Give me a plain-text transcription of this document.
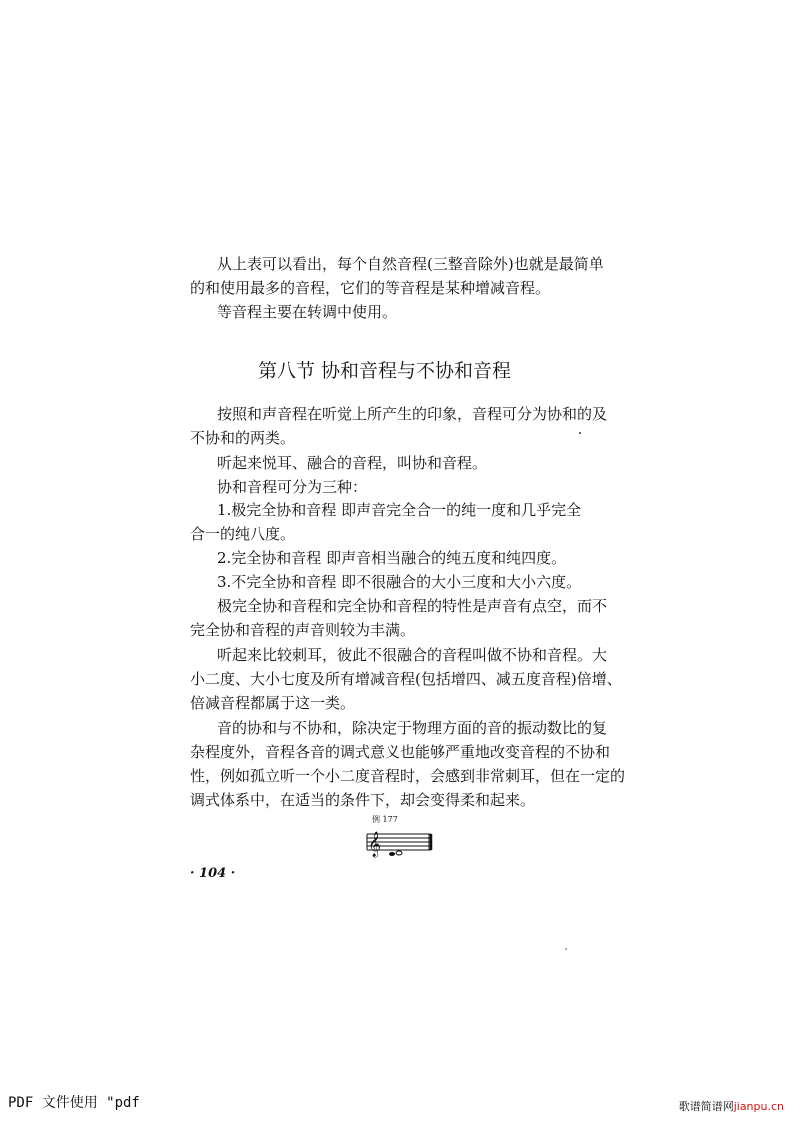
从上表可以看出，每个自然音程(三整音除外)也就是最简单
的和使用最多的音程，它们的等音程是某种增减音程。
等音程主要在转调中使用。
第八节 协和音程与不协和音程
按照和声音程在听觉上所产生的印象，音程可分为协和的及
不协和的两类。
听起来悦耳、融合的音程，叫协和音程。
协和音程可分为三种：
1.极完全协和音程 即声音完全合一的纯一度和几乎完全
合一的纯八度。
2.完全协和音程 即声音相当融合的纯五度和纯四度。
3.不完全协和音程 即不很融合的大小三度和大小六度。
极完全协和音程和完全协和音程的特性是声音有点空，而不
完全协和音程的声音则较为丰满。
听起来比较刺耳，彼此不很融合的音程叫做不协和音程。大
小二度、大小七度及所有增减音程(包括增四、减五度音程)倍增、
倍减音程都属于这一类。
音的协和与不协和，除决定于物理方面的音的振动数比的复
杂程度外，音程各音的调式意义也能够严重地改变音程的不协和
性，例如孤立听一个小二度音程时，会感到非常刺耳，但在一定的
调式体系中，在适当的条件下，却会变得柔和起来。
例 177
𝄞
· 104 ·
PDF 文件使用 "pdf	歌谱简谱网jianpu.cn
